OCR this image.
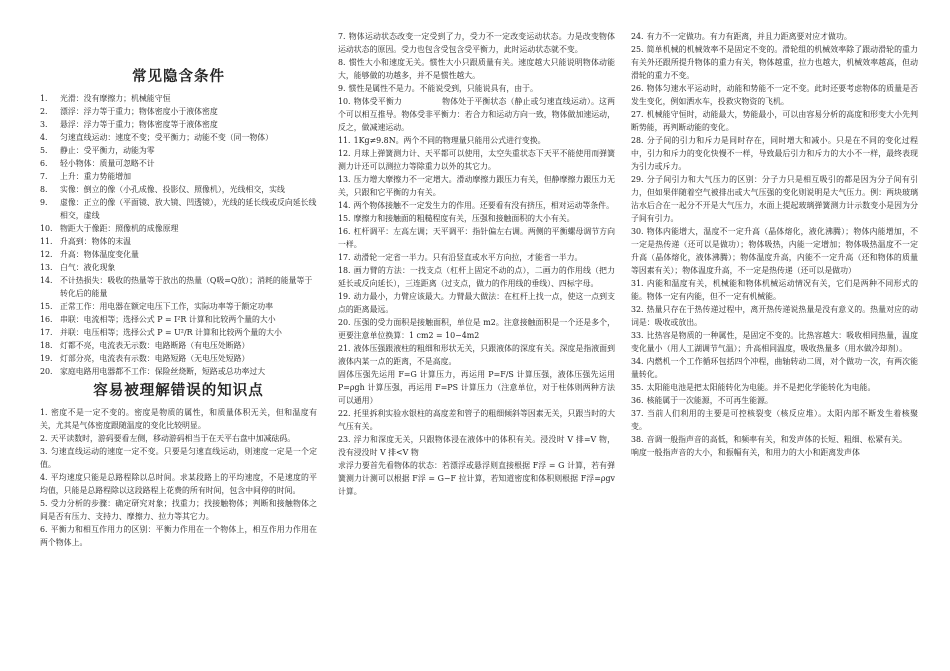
常见隐含条件
1.	光滑：没有摩擦力；机械能守恒
2.	漂浮：浮力等于重力；物体密度小于液体密度
3.	悬浮：浮力等于重力；物体密度等于液体密度
4.	匀速直线运动：速度不变；受平衡力；动能不变（同一物体）
5.	静止：受平衡力，动能为零
6.	轻小物体：质量可忽略不计
7.	上升：重力势能增加
8.	实像：倒立的像（小孔成像、投影仪、照像机），光线相交，实线
9.	虚像：正立的像（平面镜、放大镜、凹透镜），光线的延长线或反向延长线相交，虚线
10. 物距大于像距：照像机的成像原理
11. 升高到：物体的末温
12. 升高：物体温度变化量
13. 白气：液化现象
14. 不计热损失：吸收的热量等于放出的热量（Q吸=Q放）；消耗的能量等于转化后的能量
15. 正常工作：用电器在额定电压下工作，实际功率等于额定功率
16. 串联：电流相等；选择公式 P = I²R 计算和比较两个量的大小
17. 并联：电压相等；选择公式 P = U²/R 计算和比较两个量的大小
18. 灯都不亮，电流表无示数：电路断路（有电压处断路）
19. 灯部分亮，电流表有示数：电路短路（无电压处短路）
20. 家庭电路用电器都不工作：保险丝烧断，短路或总功率过大
容易被理解错误的知识点
1. 密度不是一定不变的。密度是物质的属性，和质量体积无关，但和温度有关，尤其是气体密度跟随温度的变化比较明显。
2. 天平读数时，游码要看左侧，移动游码相当于在天平右盘中加减砝码。
3. 匀速直线运动的速度一定不变。只要是匀速直线运动，则速度一定是一个定值。
4. 平均速度只能是总路程除以总时间。求某段路上的平均速度，不是速度的平均值，只能是总路程除以这段路程上花费的所有时间，包含中间停的时间。
5. 受力分析的步骤：确定研究对象；找重力；找接触物体；判断和接触物体之间是否有压力、支持力、摩擦力、拉力等其它力。
6. 平衡力和相互作用力的区别：平衡力作用在一个物体上，相互作用力作用在两个物体上。
7. 物体运动状态改变一定受到了力，受力不一定改变运动状态。力是改变物体运动状态的原因。受力也包含受包含受平衡力，此时运动状态就不变。
8. 惯性大小和速度无关。惯性大小只跟质量有关。速度越大只能说明物体动能大，能够做的功越多，并不是惯性越大。
9. 惯性是属性不是力。不能说受到，只能说具有，由于。
10. 物体受平衡力　　　　　物体处于平衡状态（静止或匀速直线运动）。这两个可以相互推导。物体受非平衡力：若合力和运动方向一致，物体做加速运动，反之，做减速运动。
11. 1Kg≠9.8N。两个不同的物理量只能用公式进行变换。
12. 月球上弹簧测力计、天平都可以使用，太空失重状态下天平不能使用而弹簧测力计还可以测拉力等除重力以外的其它力。
13. 压力增大摩擦力不一定增大。滑动摩擦力跟压力有关，但静摩擦力跟压力无关，只跟和它平衡的力有关。
14. 两个物体接触不一定发生力的作用。还要看有没有挤压，相对运动等条件。
15. 摩擦力和接触面的粗糙程度有关，压强和接触面积的大小有关。
16. 杠杆调平：左高左调；天平调平：指针偏左右调。两侧的平衡螺母调节方向一样。
17. 动滑轮一定省一半力。只有沿竖直或水平方向拉，才能省一半力。
18. 画力臂的方法：一找支点（杠杆上固定不动的点），二画力的作用线（把力延长或反向延长），三连距离（过支点，做力的作用线的垂线）、四标字母。
19. 动力最小，力臂应该最大。力臂最大做法：在杠杆上找一点，使这一点到支点的距离最远。
20. 压强的受力面积是接触面积，单位是 m2。注意接触面积是一个还是多个，更要注意单位换算：1 cm2 = 10−4m2
21. 液体压强跟液柱的粗细和形状无关，只跟液体的深度有关。深度是指液面到液体内某一点的距离，不是高度。
固体压强先运用 F=G 计算压力，再运用 P=F/S 计算压强，液体压强先运用 P=ρgh 计算压强，再运用 F=PS 计算压力（注意单位，对于柱体则两种方法可以通用）
22. 托里拆利实验水银柱的高度差和管子的粗细倾斜等因素无关，只跟当时的大气压有关。
23. 浮力和深度无关，只跟物体浸在液体中的体积有关。浸没时 V 排=V 物，没有浸没时 V 排<V 物
求浮力要首先看物体的状态：若漂浮或悬浮则直接根据 F浮 = G 计算，若有弹簧测力计测可以根据 F浮 = G−F 拉计算，若知道密度和体积则根据 F浮=ρgv 计算。
24. 有力不一定做功。有力有距离，并且力距离要对应才做功。
25. 简单机械的机械效率不是固定不变的。滑轮组的机械效率除了跟动滑轮的重力有关外还跟所提升物体的重力有关，物体越重，拉力也越大，机械效率越高，但动滑轮的重力不变。
26. 物体匀速水平运动时，动能和势能不一定不变。此时还要考虑物体的质量是否发生变化，例如洒水车，投救灾物资的飞机。
27. 机械能守恒时，动能最大，势能最小，可以由容易分析的高度和形变大小先判断势能，再判断动能的变化。
28. 分子间的引力和斥力是同时存在，同时增大和减小。只是在不同的变化过程中，引力和斥力的变化快慢不一样，导致最后引力和斥力的大小不一样，最终表现为引力或斥力。
29. 分子间引力和大气压力的区别：分子力只是相互吸引的都是因为分子间有引力，但如果伴随着空气被排出或大气压强的变化则说明是大气压力。例：两块玻璃沾水后合在一起分不开是大气压力，水面上提起玻璃弹簧测力计示数变小是因为分子间有引力。
30. 物体内能增大，温度不一定升高（晶体熔化，液化沸腾）；物体内能增加，不一定是热传递（还可以是做功）；物体吸热，内能一定增加；物体吸热温度不一定升高（晶体熔化，液体沸腾）；物体温度升高，内能不一定升高（还和物体的质量等因素有关）；物体温度升高，不一定是热传递（还可以是做功）
31. 内能和温度有关，机械能和物体机械运动情况有关，它们是两种不同形式的能。物体一定有内能，但不一定有机械能。
32. 热量只存在于热传递过程中，离开热传递说热量是没有意义的。热量对应的动词是：吸收或放出。
33. 比热容是物质的一种属性，是固定不变的。比热容越大：吸收相同热量，温度变化量小（用人工湖调节气温）；升高相同温度，吸收热量多（用水做冷却剂）。
34. 内燃机一个工作循环包括四个冲程，曲轴转动二周，对个做功一次，有两次能量转化。
35. 太阳能电池是把太阳能转化为电能。并不是把化学能转化为电能。
36. 核能属于一次能源，不可再生能源。
37. 当前人们利用的主要是可控核裂变（核反应堆）。太阳内部不断发生着核聚变。
38. 音调一般指声音的高低，和频率有关，和发声体的长短、粗细、松紧有关。
响度一般指声音的大小，和振幅有关，和用力的大小和距离发声体
